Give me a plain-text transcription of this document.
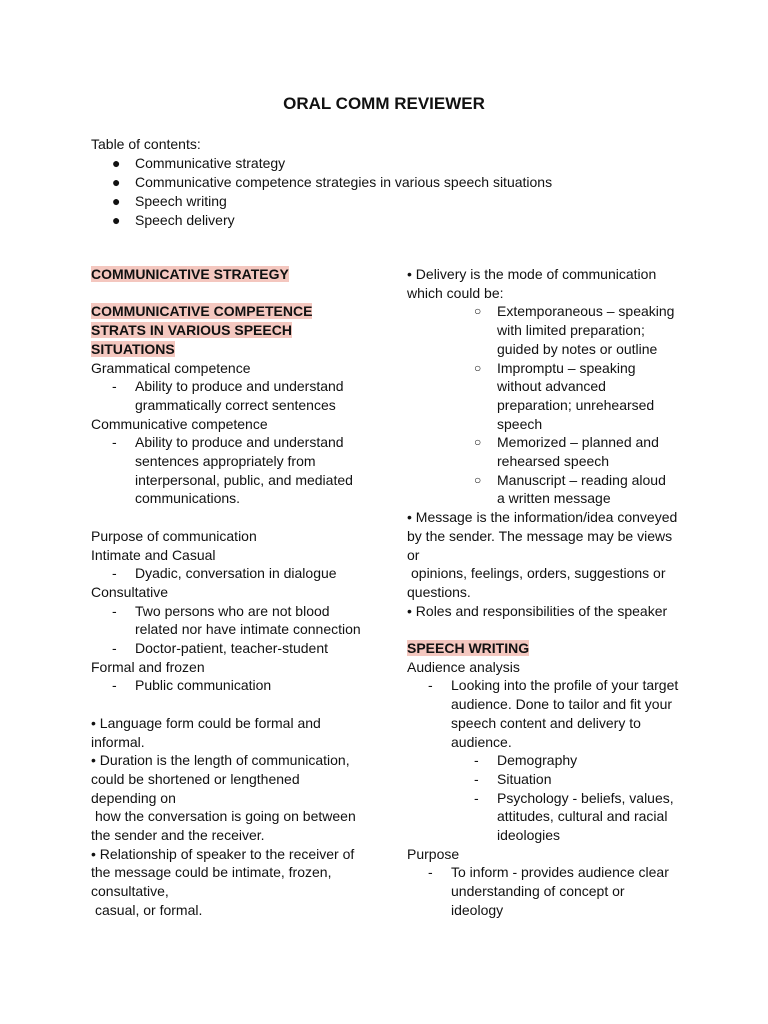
ORAL COMM REVIEWER
Table of contents:
● Communicative strategy
● Communicative competence strategies in various speech situations
● Speech writing
● Speech delivery

COMMUNICATIVE STRATEGY

COMMUNICATIVE COMPETENCE

STRATS IN VARIOUS SPEECH

SITUATIONS

Grammatical competence

- Ability to produce and understand

grammatically correct sentences

Communicative competence

- Ability to produce and understand

sentences appropriately from

interpersonal, public, and mediated

communications.

Purpose of communication

Intimate and Casual

- Dyadic, conversation in dialogue

Consultative

- Two persons who are not blood

related nor have intimate connection

- Doctor-patient, teacher-student

Formal and frozen

- Public communication

• Language form could be formal and

informal.

• Duration is the length of communication,

could be shortened or lengthened

depending on

how the conversation is going on between

the sender and the receiver.

• Relationship of speaker to the receiver of

the message could be intimate, frozen,

consultative,

casual, or formal.

• Delivery is the mode of communication

which could be:

○ Extemporaneous – speaking

with limited preparation;

guided by notes or outline

○ Impromptu – speaking

without advanced

preparation; unrehearsed

speech

○ Memorized – planned and

rehearsed speech

○ Manuscript – reading aloud

a written message

• Message is the information/idea conveyed

by the sender. The message may be views

or

opinions, feelings, orders, suggestions or

questions.

• Roles and responsibilities of the speaker

SPEECH WRITING

Audience analysis

- Looking into the profile of your target

audience. Done to tailor and fit your

speech content and delivery to

audience.

- Demography

- Situation

- Psychology - beliefs, values,

attitudes, cultural and racial

ideologies

Purpose

- To inform - provides audience clear

understanding of concept or

ideology
